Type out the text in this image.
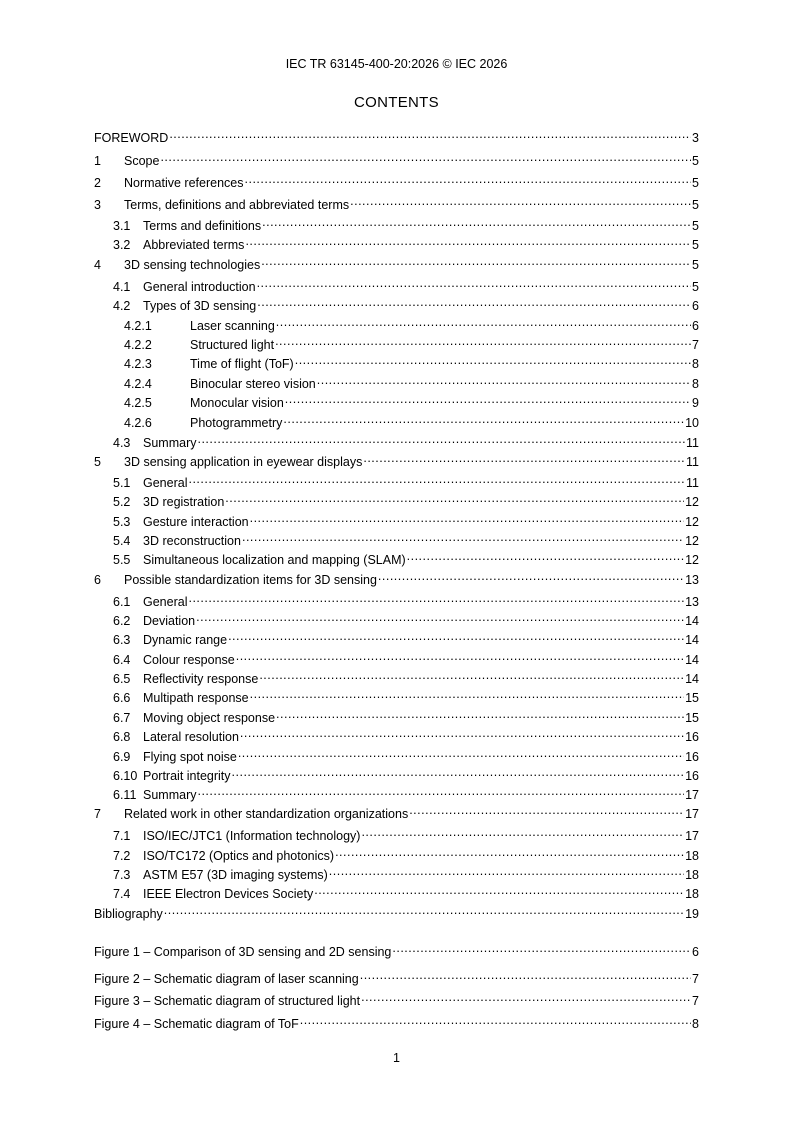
IEC TR 63145-400-20:2026 © IEC 2026
CONTENTS
FOREWORD .....	3
1	Scope .....	5
2	Normative references .....	5
3	Terms, definitions and abbreviated terms .....	5
3.1	Terms and definitions .....	5
3.2	Abbreviated terms .....	5
4	3D sensing technologies .....	5
4.1	General introduction .....	5
4.2	Types of 3D sensing .....	6
4.2.1	Laser scanning .....	6
4.2.2	Structured light .....	7
4.2.3	Time of flight (ToF) .....	8
4.2.4	Binocular stereo vision .....	8
4.2.5	Monocular vision .....	9
4.2.6	Photogrammetry .....	10
4.3	Summary .....	11
5	3D sensing application in eyewear displays .....	11
5.1	General .....	11
5.2	3D registration .....	12
5.3	Gesture interaction .....	12
5.4	3D reconstruction .....	12
5.5	Simultaneous localization and mapping (SLAM) .....	12
6	Possible standardization items for 3D sensing .....	13
6.1	General .....	13
6.2	Deviation .....	14
6.3	Dynamic range .....	14
6.4	Colour response .....	14
6.5	Reflectivity response .....	14
6.6	Multipath response .....	15
6.7	Moving object response .....	15
6.8	Lateral resolution .....	16
6.9	Flying spot noise .....	16
6.10 Portrait integrity .....	16
6.11 Summary .....	17
7	Related work in other standardization organizations .....	17
7.1	ISO/IEC/JTC1 (Information technology) .....	17
7.2	ISO/TC172 (Optics and photonics) .....	18
7.3	ASTM E57 (3D imaging systems) .....	18
7.4	IEEE Electron Devices Society .....	18
Bibliography .....	19
Figure 1 – Comparison of 3D sensing and 2D sensing .....	6
Figure 2 – Schematic diagram of laser scanning .....	7
Figure 3 – Schematic diagram of structured light .....	7
Figure 4 – Schematic diagram of ToF .....	8
1
